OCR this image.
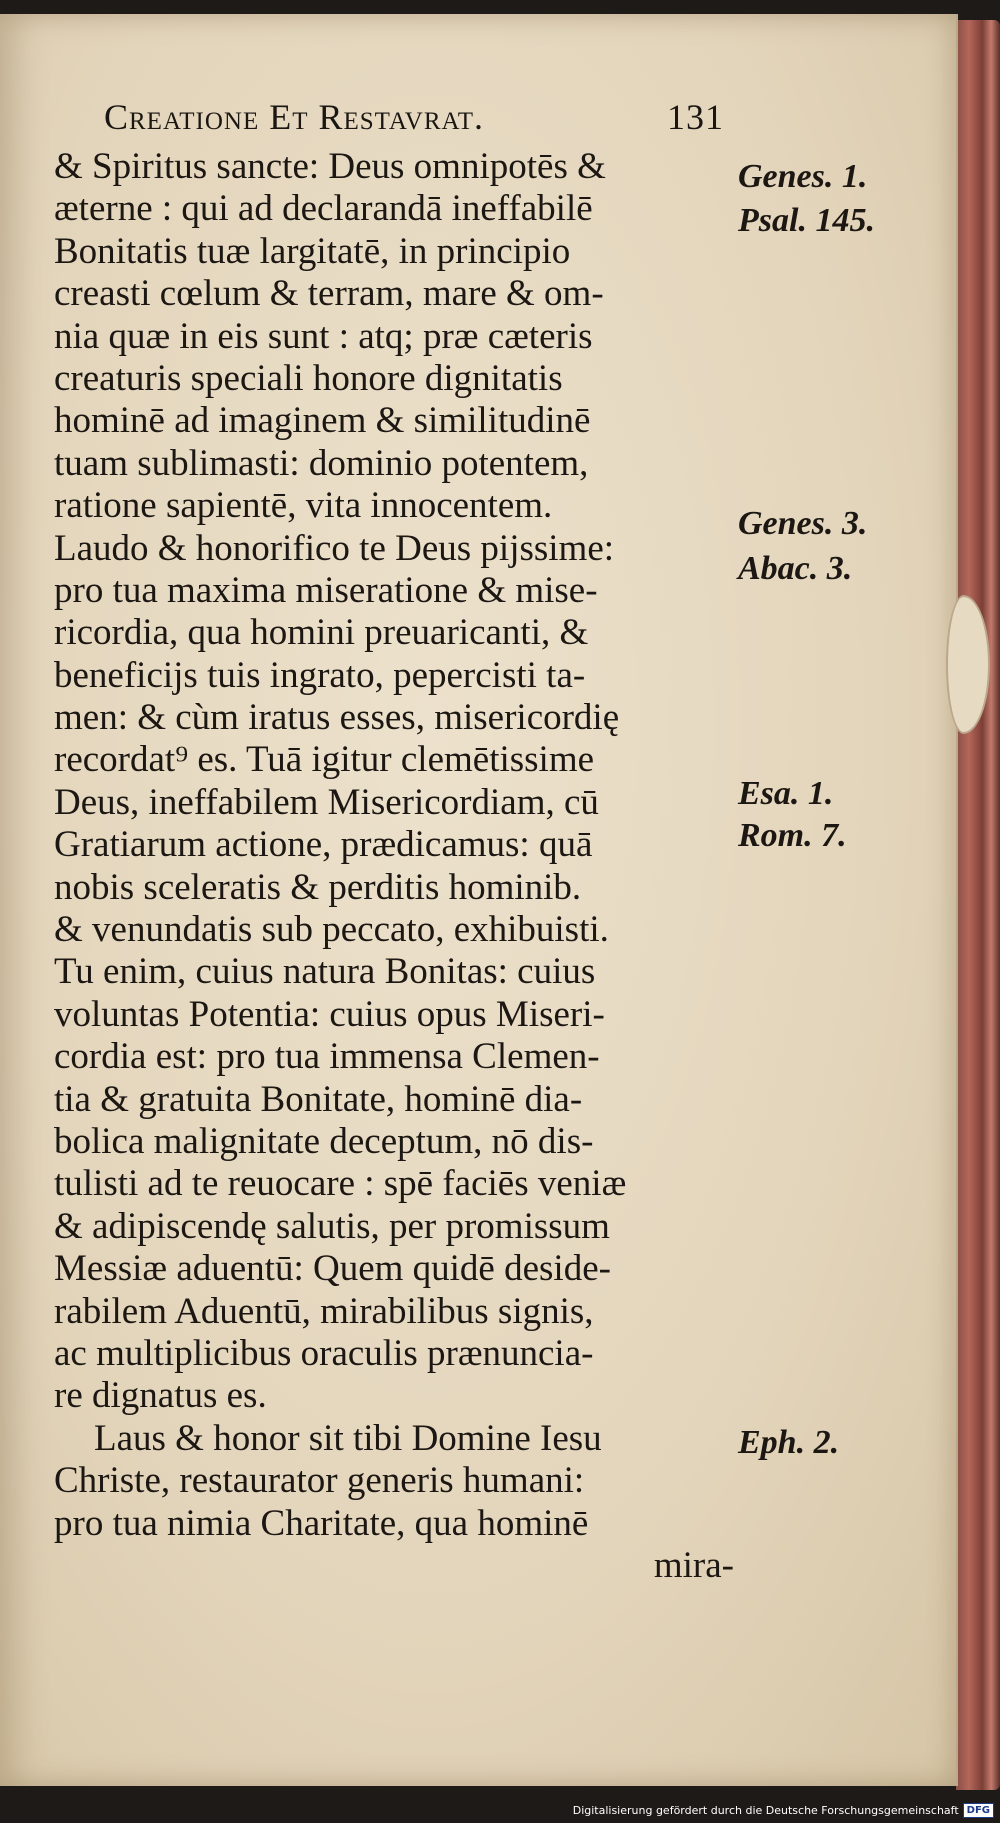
Creatione Et Restavrat.	131
& Spiritus sancte: Deus omnipotēs &
æterne : qui ad declarandā ineffabilē
Bonitatis tuæ largitatē, in principio
creasti cœlum & terram, mare & om-
nia quæ in eis sunt : atq; præ cæteris
creaturis speciali honore dignitatis
hominē ad imaginem & similitudinē
tuam sublimasti: dominio potentem,
ratione sapientē, vita innocentem.
Laudo & honorifico te Deus pijssime:
pro tua maxima miseratione & mise-
ricordia, qua homini preuaricanti, &
beneficijs tuis ingrato, pepercisti ta-
men: & cùm iratus esses, misericordię
recordat⁹ es. Tuā igitur clemētissime
Deus, ineffabilem Misericordiam, cū
Gratiarum actione, prædicamus: quā
nobis sceleratis & perditis hominib.
& venundatis sub peccato, exhibuisti.
Tu enim, cuius natura Bonitas: cuius
voluntas Potentia: cuius opus Miseri-
cordia est: pro tua immensa Clemen-
tia & gratuita Bonitate, hominē dia-
bolica malignitate deceptum, nō dis-
tulisti ad te reuocare : spē faciēs veniæ
& adipiscendę salutis, per promissum
Messiæ aduentū: Quem quidē deside-
rabilem Aduentū, mirabilibus signis,
ac multiplicibus oraculis prænuncia-
re dignatus es.
Laus & honor sit tibi Domine Iesu
Christe, restaurator generis humani:
pro tua nimia Charitate, qua hominē
mira-
Genes. 1.
Psal. 145.
Genes. 3.
Abac. 3.
Esa. 1.
Rom. 7.
Eph. 2.
Digitalisierung gefördert durch die Deutsche Forschungsgemeinschaft DFG
